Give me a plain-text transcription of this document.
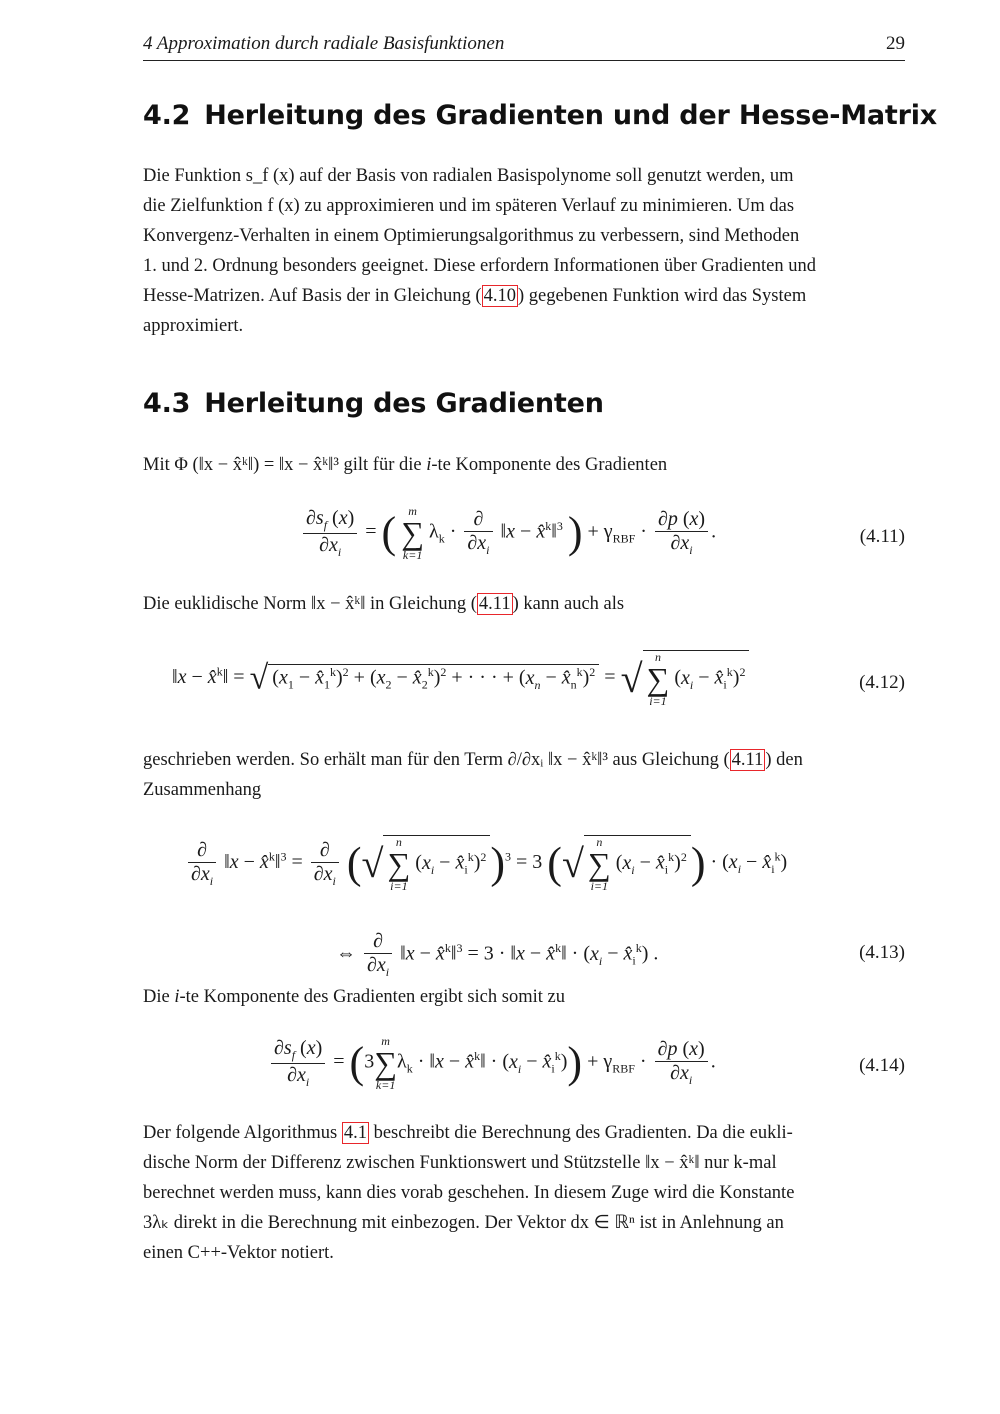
4 Approximation durch radiale Basisfunktionen	29
4.2 Herleitung des Gradienten und der Hesse-Matrix
Die Funktion s_f (x) auf der Basis von radialen Basispolynome soll genutzt werden, um
die Zielfunktion f (x) zu approximieren und im späteren Verlauf zu minimieren. Um das
Konvergenz-Verhalten in einem Optimierungsalgorithmus zu verbessern, sind Methoden
1. und 2. Ordnung besonders geeignet. Diese erfordern Informationen über Gradienten und
Hesse-Matrizen. Auf Basis der in Gleichung ( 4.10 ) gegebenen Funktion wird das System
approximiert.
4.3 Herleitung des Gradienten
Mit Φ (‖x − x̂ᵏ‖) = ‖x − x̂ᵏ‖³ gilt für die i-te Komponente des Gradienten
$\frac{\partial s_f (x)}{\partial x_i}$ = (	m
∑
k=1
$\lambda_k \cdot \frac{\partial}{\partial x_i}$ ‖x − x̂$^k$‖$^3$ ) + $\gamma_{RBF} \cdot \frac{\partial p (x)}{\partial x_i}$ .	(4.11)
Die euklidische Norm ‖x − x̂ᵏ‖ in Gleichung ( 4.11 ) kann auch als
‖x − x̂$^k$‖ = √ ($x_1$ − $x̂_1^k)^2 + (x_2$ − $x̂_2^k)^2$ + · · · + ($x_n$ − $x̂_n^k)^2$ = √	n
∑
i=1
($x_i$ − $x̂_i^k)^2$
(4.12)
geschrieben werden. So erhält man für den Term ∂/∂xᵢ ‖x − x̂ᵏ‖³ aus Gleichung ( 4.11 ) den
Zusammenhang
$\frac{\partial}{\partial x_i}$ ‖x − x̂$^k$‖$^3$ = $\frac{\partial}{\partial x_i}$ (√	n
∑
i=1
($x_i$ − $x̂_i^k)^2)^3 = 3$ (√	n
∑
i=1
($x_i$ − $x̂_i^k)^2) \cdot (x_i$ − $x̂_i^k$)
⇔ $\frac{\partial}{\partial x_i}$ ‖x − x̂$^k$‖$^3$ = 3 · ‖x − x̂$^k$‖ · ($x_i$ − $x̂_i^k$) .	(4.13)
Die i-te Komponente des Gradienten ergibt sich somit zu
$\frac{\partial s_f (x)}{\partial x_i} = (3$
m
∑
k=1
$\lambda_k$ · ‖x − x̂$^k$‖ · ($x_i$ − $x̂_i^k)) + \gamma_{RBF} \cdot \frac{\partial p (x)}{\partial x_i}$ .	(4.14)
Der folgende Algorithmus 4.1 beschreibt die Berechnung des Gradienten. Da die eukli-
dische Norm der Differenz zwischen Funktionswert und Stützstelle ‖x − x̂ᵏ‖ nur k-mal
berechnet werden muss, kann dies vorab geschehen. In diesem Zuge wird die Konstante
3λₖ direkt in die Berechnung mit einbezogen. Der Vektor dx ∈ ℝⁿ ist in Anlehnung an
einen C++-Vektor notiert.
